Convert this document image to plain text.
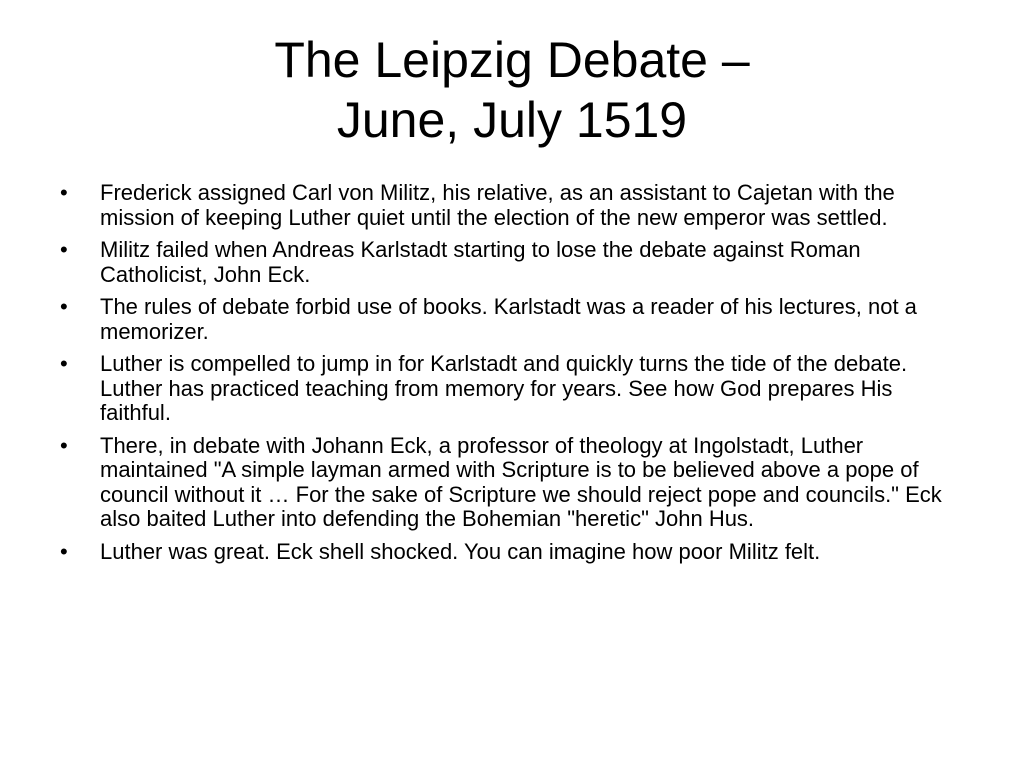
The Leipzig Debate –
June, July 1519
•	Frederick assigned Carl von Militz, his relative, as an assistant to Cajetan with the mission of keeping Luther quiet until the election of the new emperor was settled.
•	Militz failed when Andreas Karlstadt starting to lose the debate against Roman Catholicist, John Eck.
•	The rules of debate forbid use of books. Karlstadt was a reader of his lectures, not a memorizer.
•	Luther is compelled to jump in for Karlstadt and quickly turns the tide of the debate. Luther has practiced teaching from memory for years. See how God prepares His faithful.
•	There, in debate with Johann Eck, a professor of theology at Ingolstadt, Luther maintained "A simple layman armed with Scripture is to be believed above a pope of council without it … For the sake of Scripture we should reject pope and councils." Eck also baited Luther into defending the Bohemian "heretic" John Hus.
•	Luther was great. Eck shell shocked. You can imagine how poor Militz felt.
